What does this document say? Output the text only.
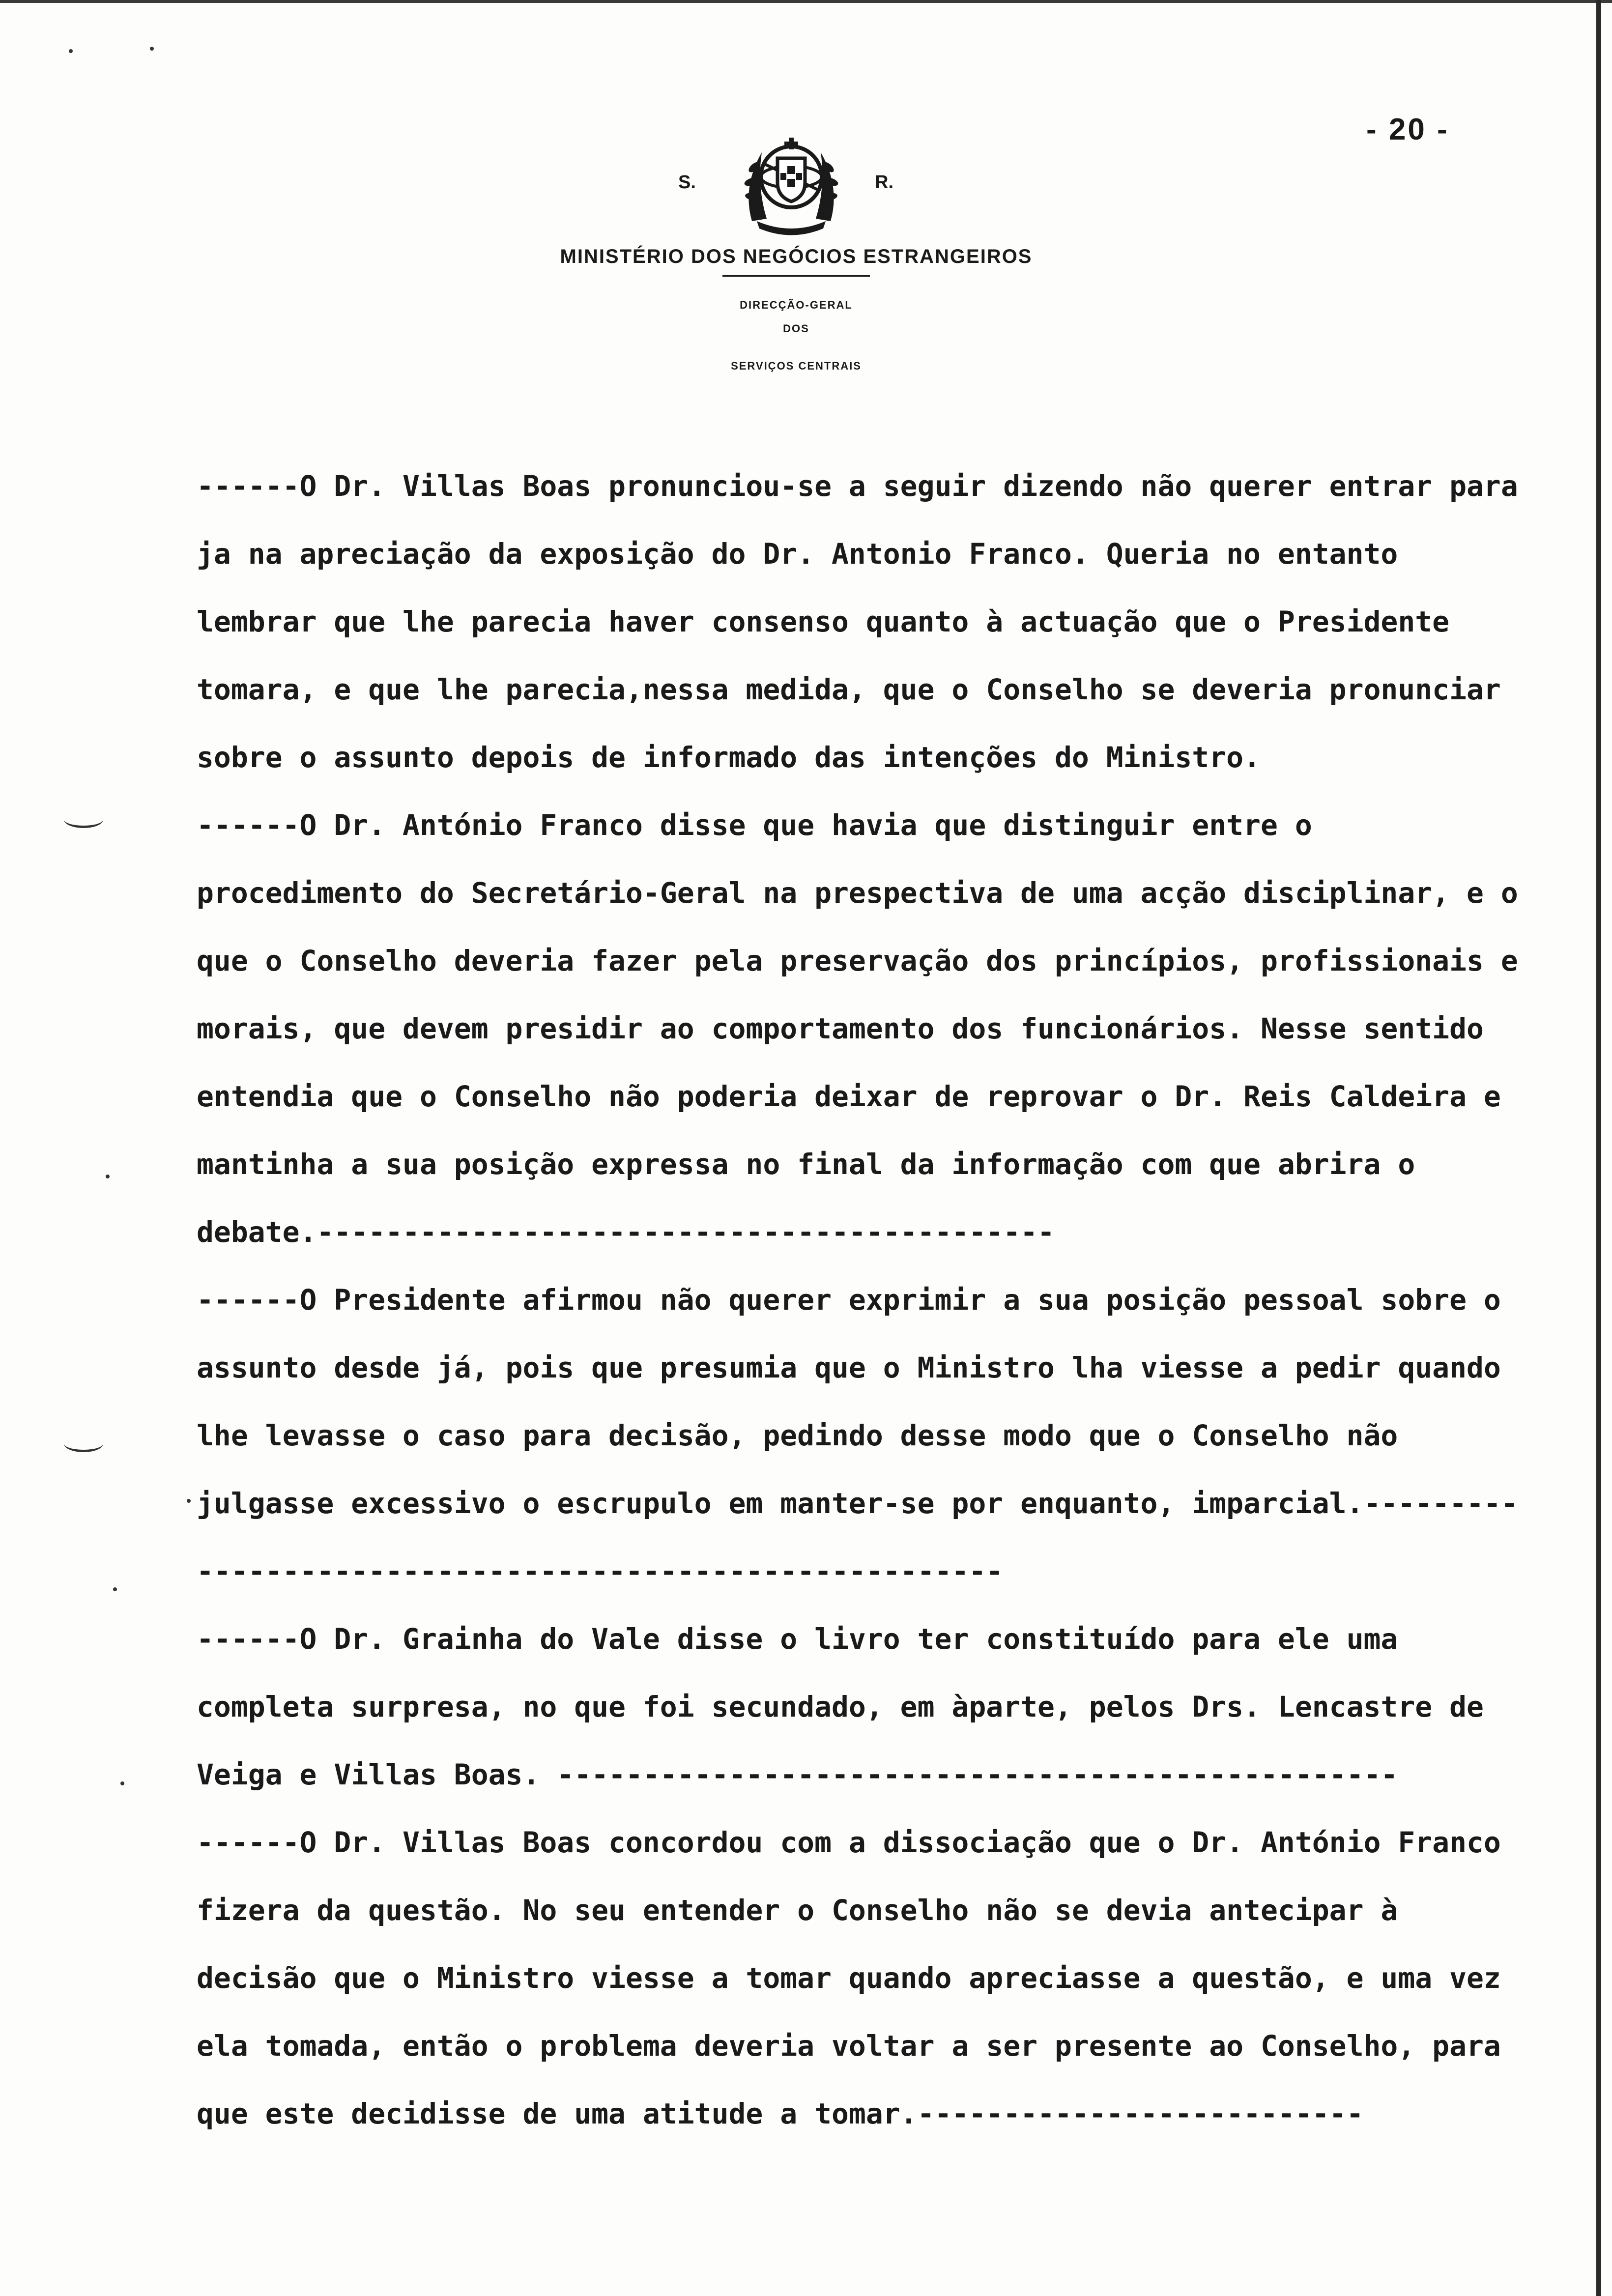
- 20 -
S.	R.
MINISTÉRIO DOS NEGÓCIOS ESTRANGEIROS
DIRECÇÃO-GERAL
DOS
SERVIÇOS CENTRAIS

------O Dr. Villas Boas pronunciou-se a seguir dizendo não querer entrar para ja na apreciação da exposição do Dr. Antonio Franco. Queria no entanto lembrar que lhe parecia haver consenso quanto à actuação que o Presidente tomara, e que lhe parecia,nessa medida, que o Conselho se deveria pronunciar sobre o assunto depois de informado das intenções do Ministro.

------O Dr. António Franco disse que havia que distinguir entre o procedimento do Secretário-Geral na prespectiva de uma acção disciplinar, e o que o Conselho deveria fazer pela preservação dos princípios, profissionais e morais, que devem presidir ao comportamento dos funcionários. Nesse sentido entendia que o Conselho não poderia deixar de reprovar o Dr. Reis Caldeira e mantinha a sua posição expressa no final da informação com que abrira o debate.-------------------------------------------

------O Presidente afirmou não querer exprimir a sua posição pessoal sobre o assunto desde já, pois que presumia que o Ministro lha viesse a pedir quando lhe levasse o caso para decisão, pedindo desse modo que o Conselho não julgasse excessivo o escrupulo em manter-se por enquanto, imparcial.--------------------------------------------------------

------O Dr. Grainha do Vale disse o livro ter constituído para ele uma completa surpresa, no que foi secundado, em àparte, pelos Drs. Lencastre de Veiga e Villas Boas. -------------------------------------------------

------O Dr. Villas Boas concordou com a dissociação que o Dr. António Franco fizera da questão. No seu entender o Conselho não se devia antecipar à decisão que o Ministro viesse a tomar quando apreciasse a questão, e uma vez ela tomada, então o problema deveria voltar a ser presente ao Conselho, para que este decidisse de uma atitude a tomar.--------------------------
